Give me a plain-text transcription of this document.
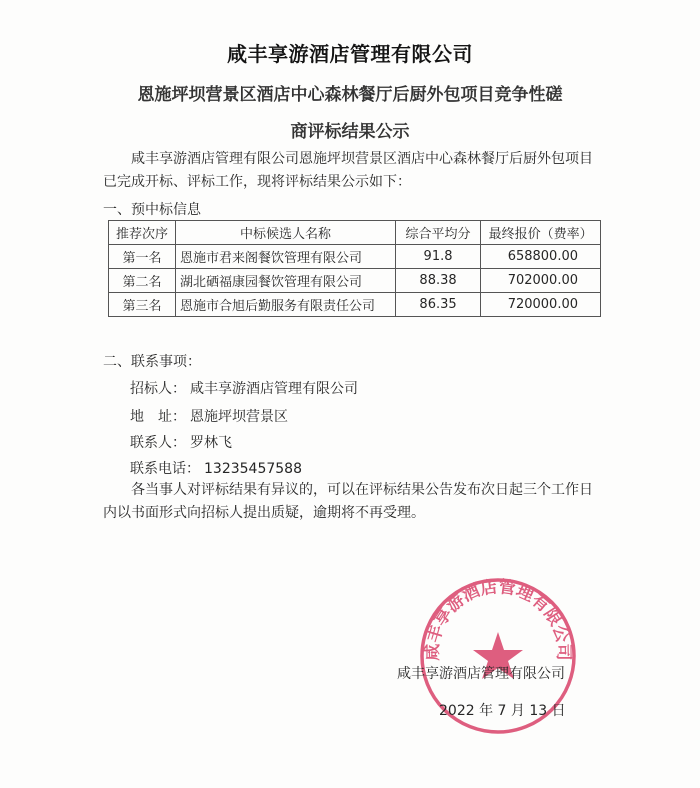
咸丰享游酒店管理有限公司
恩施坪坝营景区酒店中心森林餐厅后厨外包项目竞争性磋
商评标结果公示
咸丰享游酒店管理有限公司恩施坪坝营景区酒店中心森林餐厅后厨外包项目已完成开标、评标工作，现将评标结果公示如下：
一、预中标信息
推荐次序	中标候选人名称	综合平均分	最终报价（费率）
第一名	恩施市君来阁餐饮管理有限公司	91.8	658800.00
第二名	湖北硒福康园餐饮管理有限公司	88.38	702000.00
第三名	恩施市合旭后勤服务有限责任公司	86.35	720000.00
二、联系事项：
招标人： 咸丰享游酒店管理有限公司
地　址： 恩施坪坝营景区
联系人： 罗林飞
联系电话： 13235457588
各当事人对评标结果有异议的，可以在评标结果公告发布次日起三个工作日内以书面形式向招标人提出质疑，逾期将不再受理。
咸丰享游酒店管理有限公司
咸丰享游酒店管理有限公司
2022 年 7 月 13 日
